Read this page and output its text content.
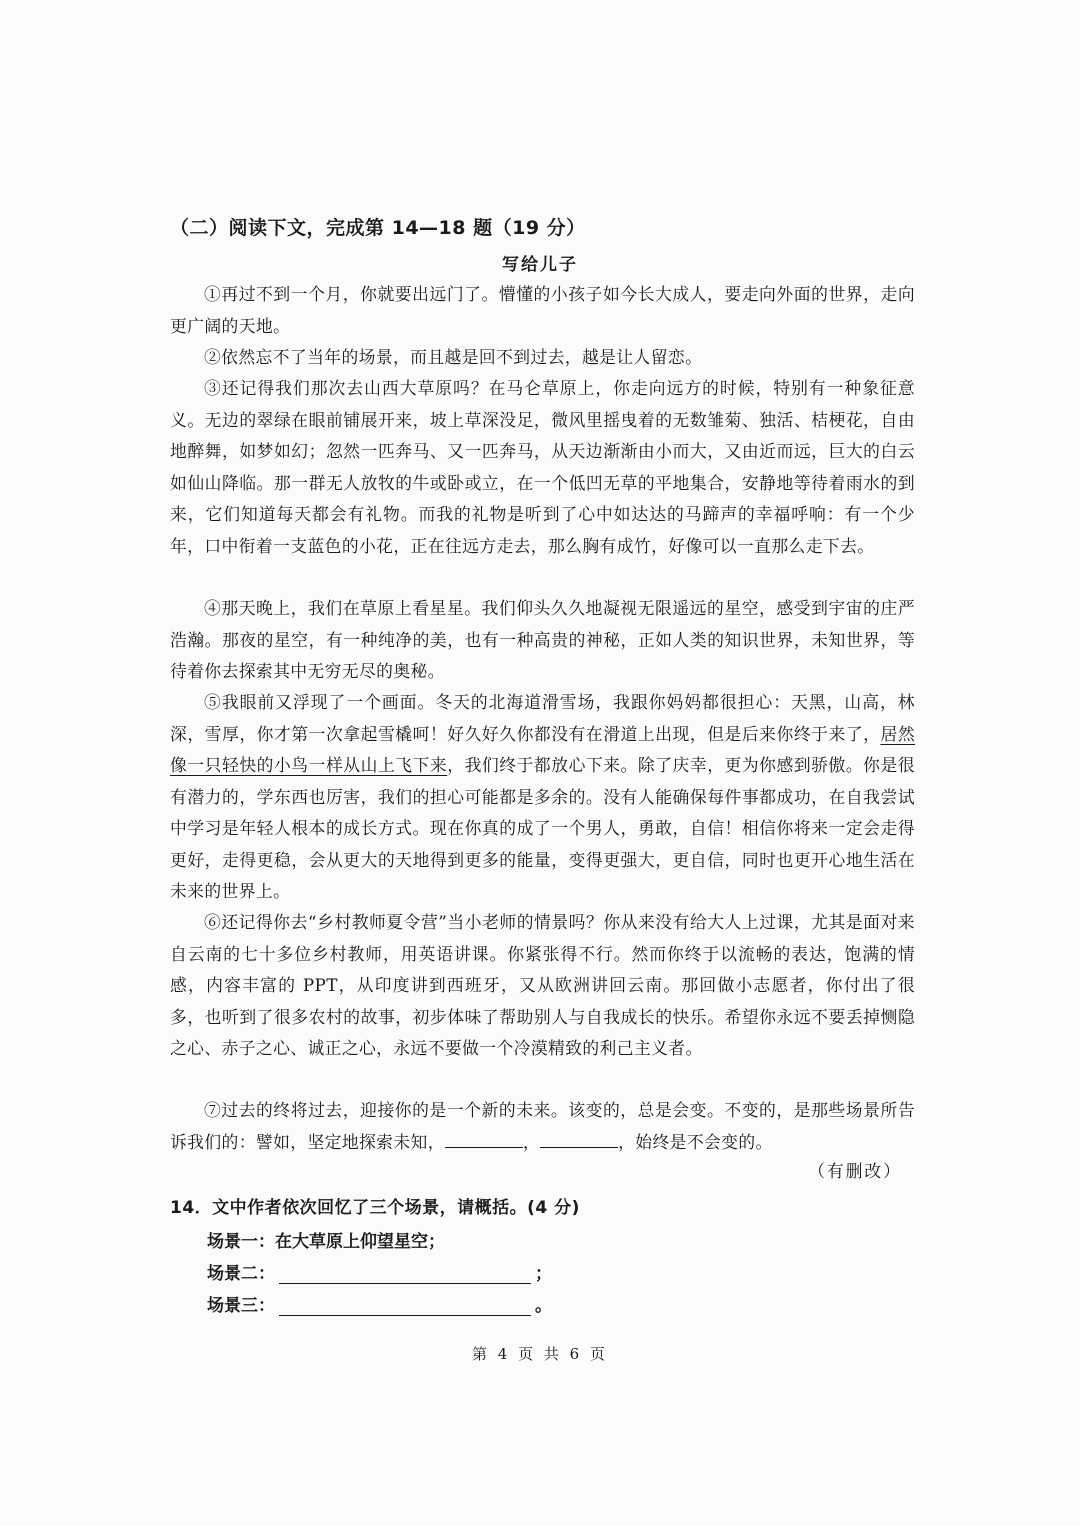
（二）阅读下文，完成第 14—18 题（19 分）
写给儿子

①再过不到一个月，你就要出远门了。懵懂的小孩子如今长大成人，要走向外面的世界，走向更广阔的天地。

②依然忘不了当年的场景，而且越是回不到过去，越是让人留恋。

③还记得我们那次去山西大草原吗？在马仑草原上，你走向远方的时候，特别有一种象征意义。无边的翠绿在眼前铺展开来，坡上草深没足，微风里摇曳着的无数雏菊、独活、桔梗花，自由地醉舞，如梦如幻；忽然一匹奔马、又一匹奔马，从天边渐渐由小而大，又由近而远，巨大的白云如仙山降临。那一群无人放牧的牛或卧或立，在一个低凹无草的平地集合，安静地等待着雨水的到来，它们知道每天都会有礼物。而我的礼物是听到了心中如达达的马蹄声的幸福呼响：有一个少年，口中衔着一支蓝色的小花，正在往远方走去，那么胸有成竹，好像可以一直那么走下去。

④那天晚上，我们在草原上看星星。我们仰头久久地凝视无限遥远的星空，感受到宇宙的庄严浩瀚。那夜的星空，有一种纯净的美，也有一种高贵的神秘，正如人类的知识世界，未知世界，等待着你去探索其中无穷无尽的奥秘。

⑤我眼前又浮现了一个画面。冬天的北海道滑雪场，我跟你妈妈都很担心：天黑，山高，林深，雪厚，你才第一次拿起雪橇呵！好久好久你都没有在滑道上出现，但是后来你终于来了，居然像一只轻快的小鸟一样从山上飞下来，我们终于都放心下来。除了庆幸，更为你感到骄傲。你是很有潜力的，学东西也厉害，我们的担心可能都是多余的。没有人能确保每件事都成功，在自我尝试中学习是年轻人根本的成长方式。现在你真的成了一个男人，勇敢，自信！相信你将来一定会走得更好，走得更稳，会从更大的天地得到更多的能量，变得更强大，更自信，同时也更开心地生活在未来的世界上。

⑥还记得你去“乡村教师夏令营”当小老师的情景吗？你从来没有给大人上过课，尤其是面对来自云南的七十多位乡村教师，用英语讲课。你紧张得不行。然而你终于以流畅的表达，饱满的情感，内容丰富的 PPT，从印度讲到西班牙，又从欧洲讲回云南。那回做小志愿者，你付出了很多，也听到了很多农村的故事，初步体味了帮助别人与自我成长的快乐。希望你永远不要丢掉恻隐之心、赤子之心、诚正之心，永远不要做一个冷漠精致的利己主义者。

⑦过去的终将过去，迎接你的是一个新的未来。该变的，总是会变。不变的，是那些场景所告诉我们的：譬如，坚定地探索未知，	，	，始终是不会变的。

（有删改）
14．文中作者依次回忆了三个场景，请概括。(4 分)
场景一：在大草原上仰望星空；
场景二：	；
场景三：	。
第 4 页 共 6 页
